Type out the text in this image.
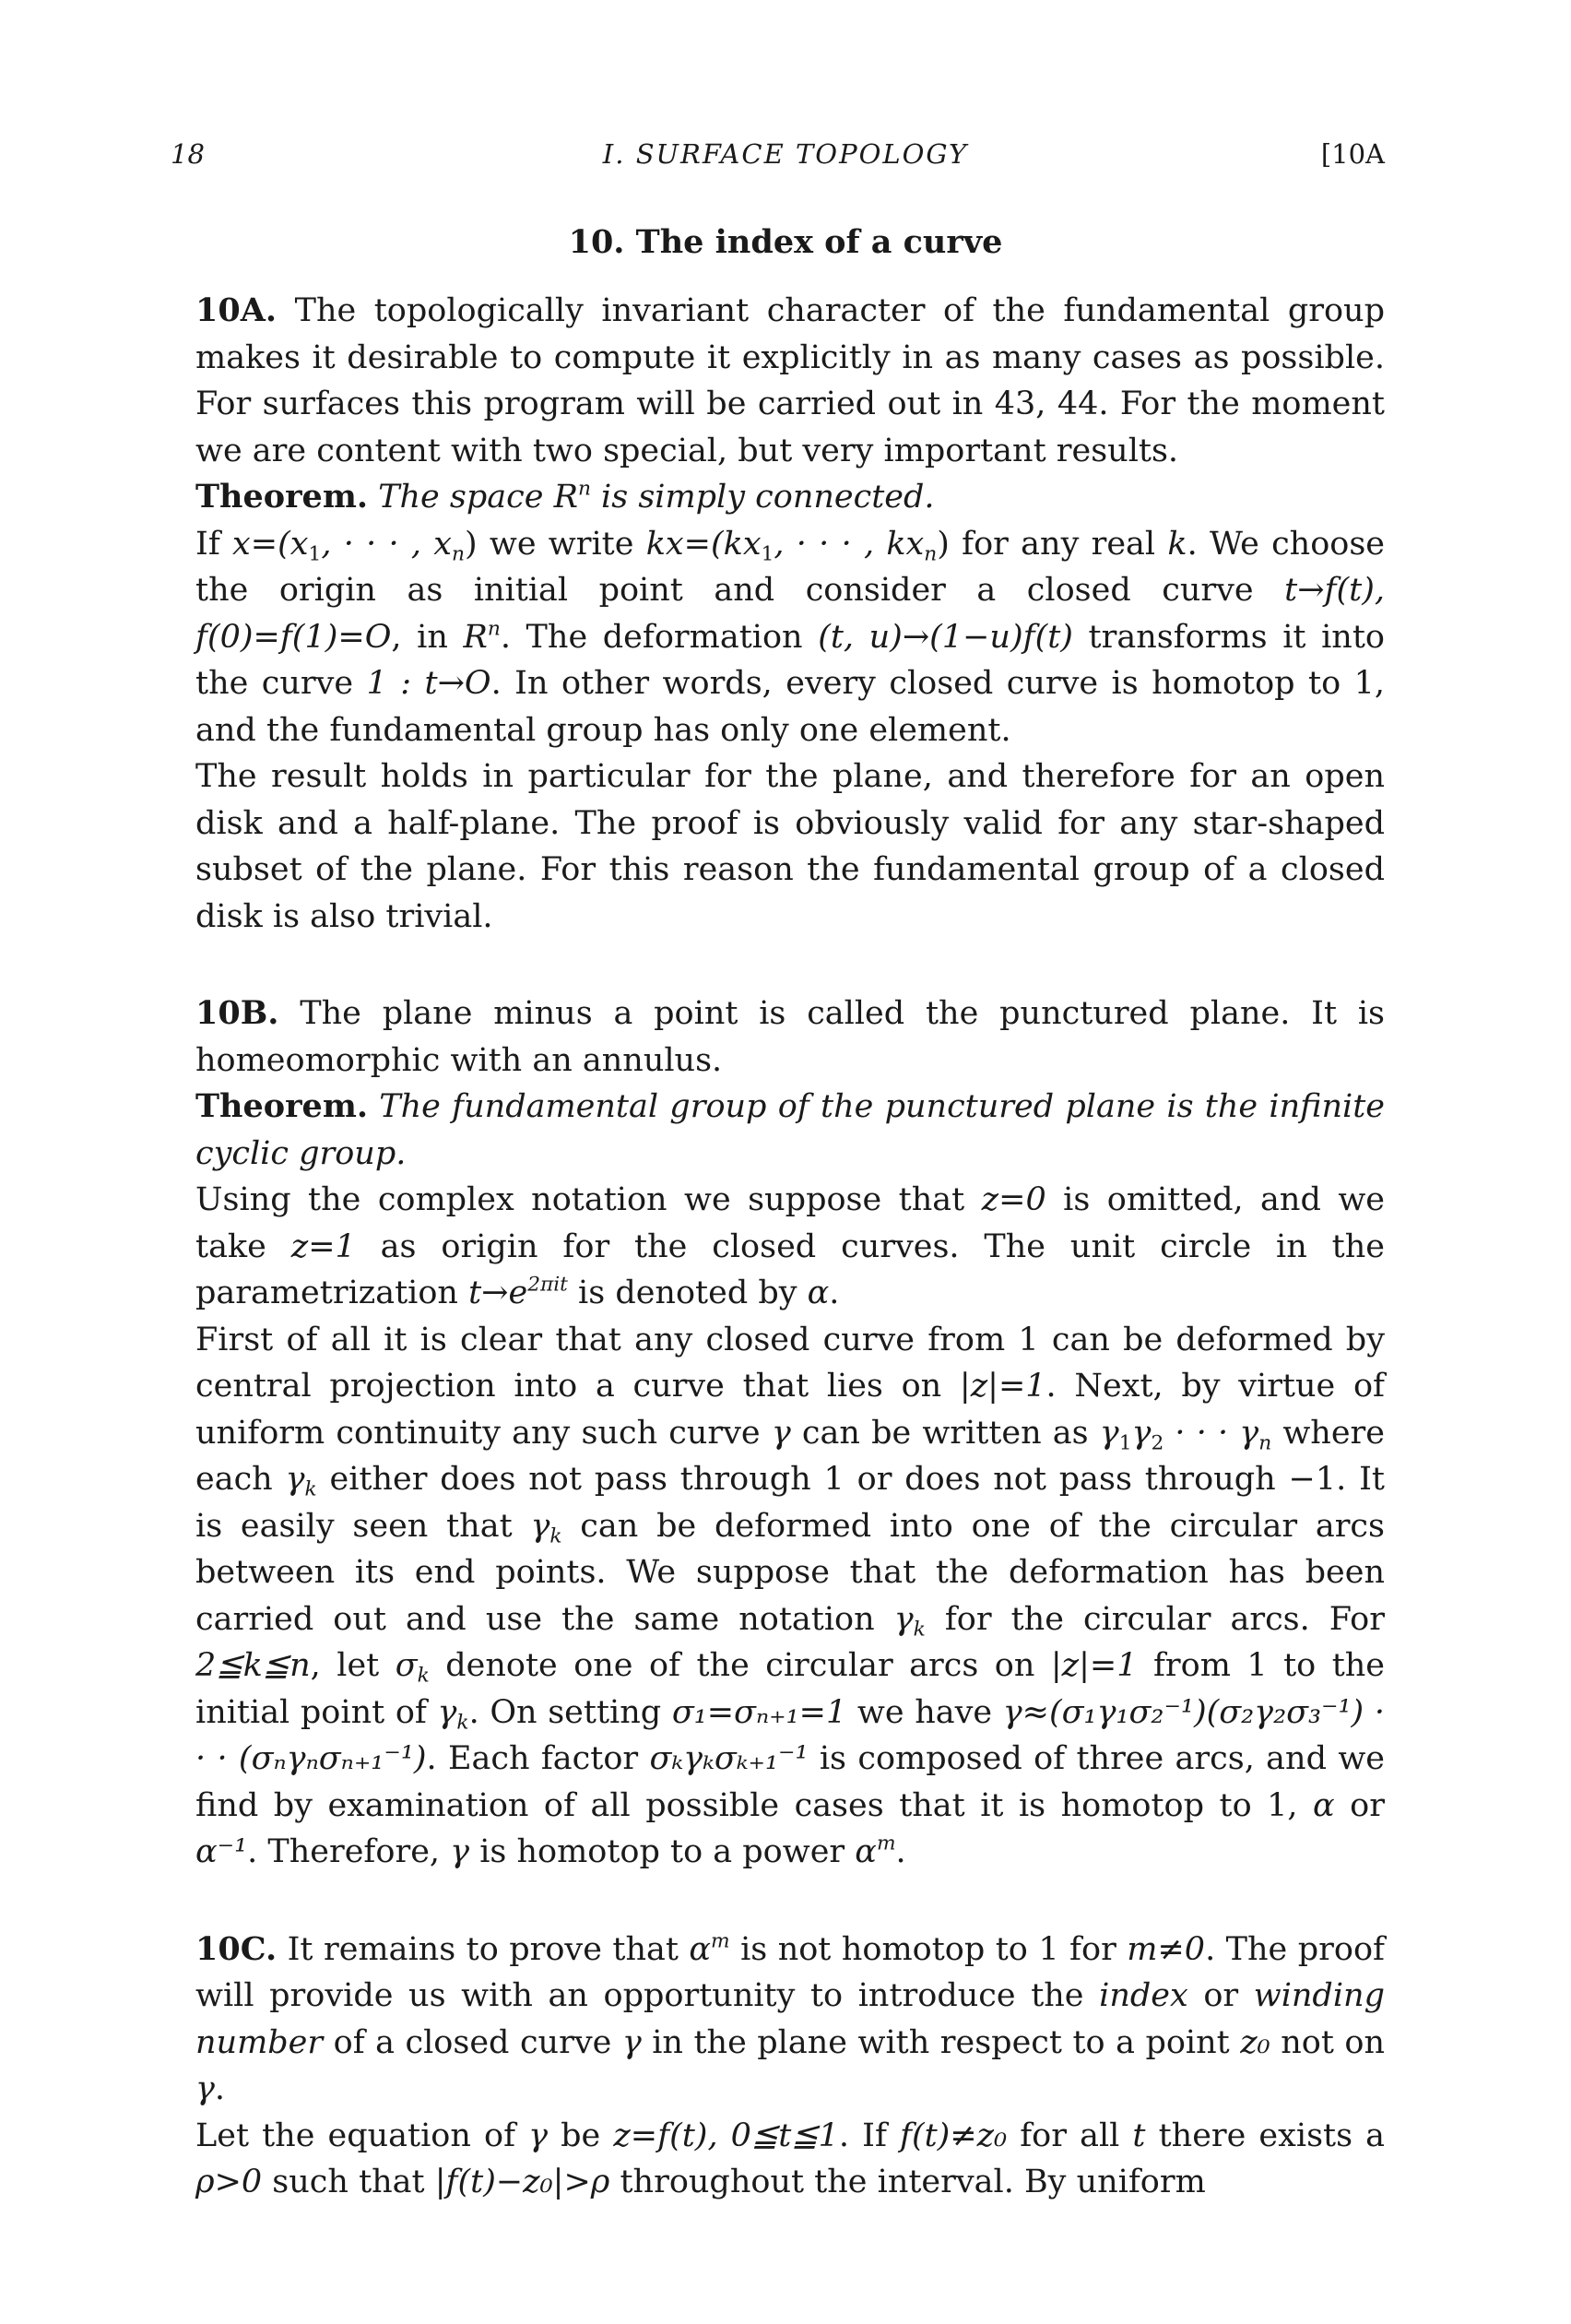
18	I. SURFACE TOPOLOGY	[10A
10. The index of a curve

10A. The topologically invariant character of the fundamental group makes it desirable to compute it explicitly in as many cases as possible. For surfaces this program will be carried out in 43, 44. For the moment we are content with two special, but very important results.

Theorem. The space $R^n$ is simply connected.

If $x=(x_1$, · · · , $x_n$) we write $kx=(kx_1$, · · · , $kx_n$) for any real k. We choose the origin as initial point and consider a closed curve t→f(t), f(0)=f(1)=O, in $R^n$. The deformation (t, u)→(1−u)f(t) transforms it into the curve 1 : t→O. In other words, every closed curve is homotop to 1, and the fundamental group has only one element.

The result holds in particular for the plane, and therefore for an open disk and a half-plane. The proof is obviously valid for any star-shaped subset of the plane. For this reason the fundamental group of a closed disk is also trivial.

10B. The plane minus a point is called the punctured plane. It is homeomorphic with an annulus.

Theorem. The fundamental group of the punctured plane is the infinite cyclic group.

Using the complex notation we suppose that z=0 is omitted, and we take z=1 as origin for the closed curves. The unit circle in the parametrization $t\to e^{2\pi it}$ is denoted by α.

First of all it is clear that any closed curve from 1 can be deformed by central projection into a curve that lies on |z|=1. Next, by virtue of uniform continuity any such curve γ can be written as $\gamma_1\gamma_2$ · · · $\gamma_n$ where each $\gamma_k$ either does not pass through 1 or does not pass through −1. It is easily seen that $\gamma_k$ can be deformed into one of the circular arcs between its end points. We suppose that the deformation has been carried out and use the same notation $\gamma_k$ for the circular arcs. For 2≦k≦n, let $\sigma_k$ denote one of the circular arcs on |z|=1 from 1 to the initial point of $\gamma_k$. On setting σ₁=σₙ₊₁=1 we have γ≈(σ₁γ₁σ₂⁻¹)(σ₂γ₂σ₃⁻¹) · · · (σₙγₙσₙ₊₁⁻¹). Each factor σₖγₖσₖ₊₁⁻¹ is composed of three arcs, and we find by examination of all possible cases that it is homotop to 1, α or α⁻¹. Therefore, γ is homotop to a power $\alpha^m$.

10C. It remains to prove that $\alpha^m$ is not homotop to 1 for m≠0. The proof will provide us with an opportunity to introduce the index or winding number of a closed curve γ in the plane with respect to a point z₀ not on γ.

Let the equation of γ be z=f(t), 0≦t≦1. If f(t)≠z₀ for all t there exists a ρ>0 such that |f(t)−z₀|>ρ throughout the interval. By uniform
